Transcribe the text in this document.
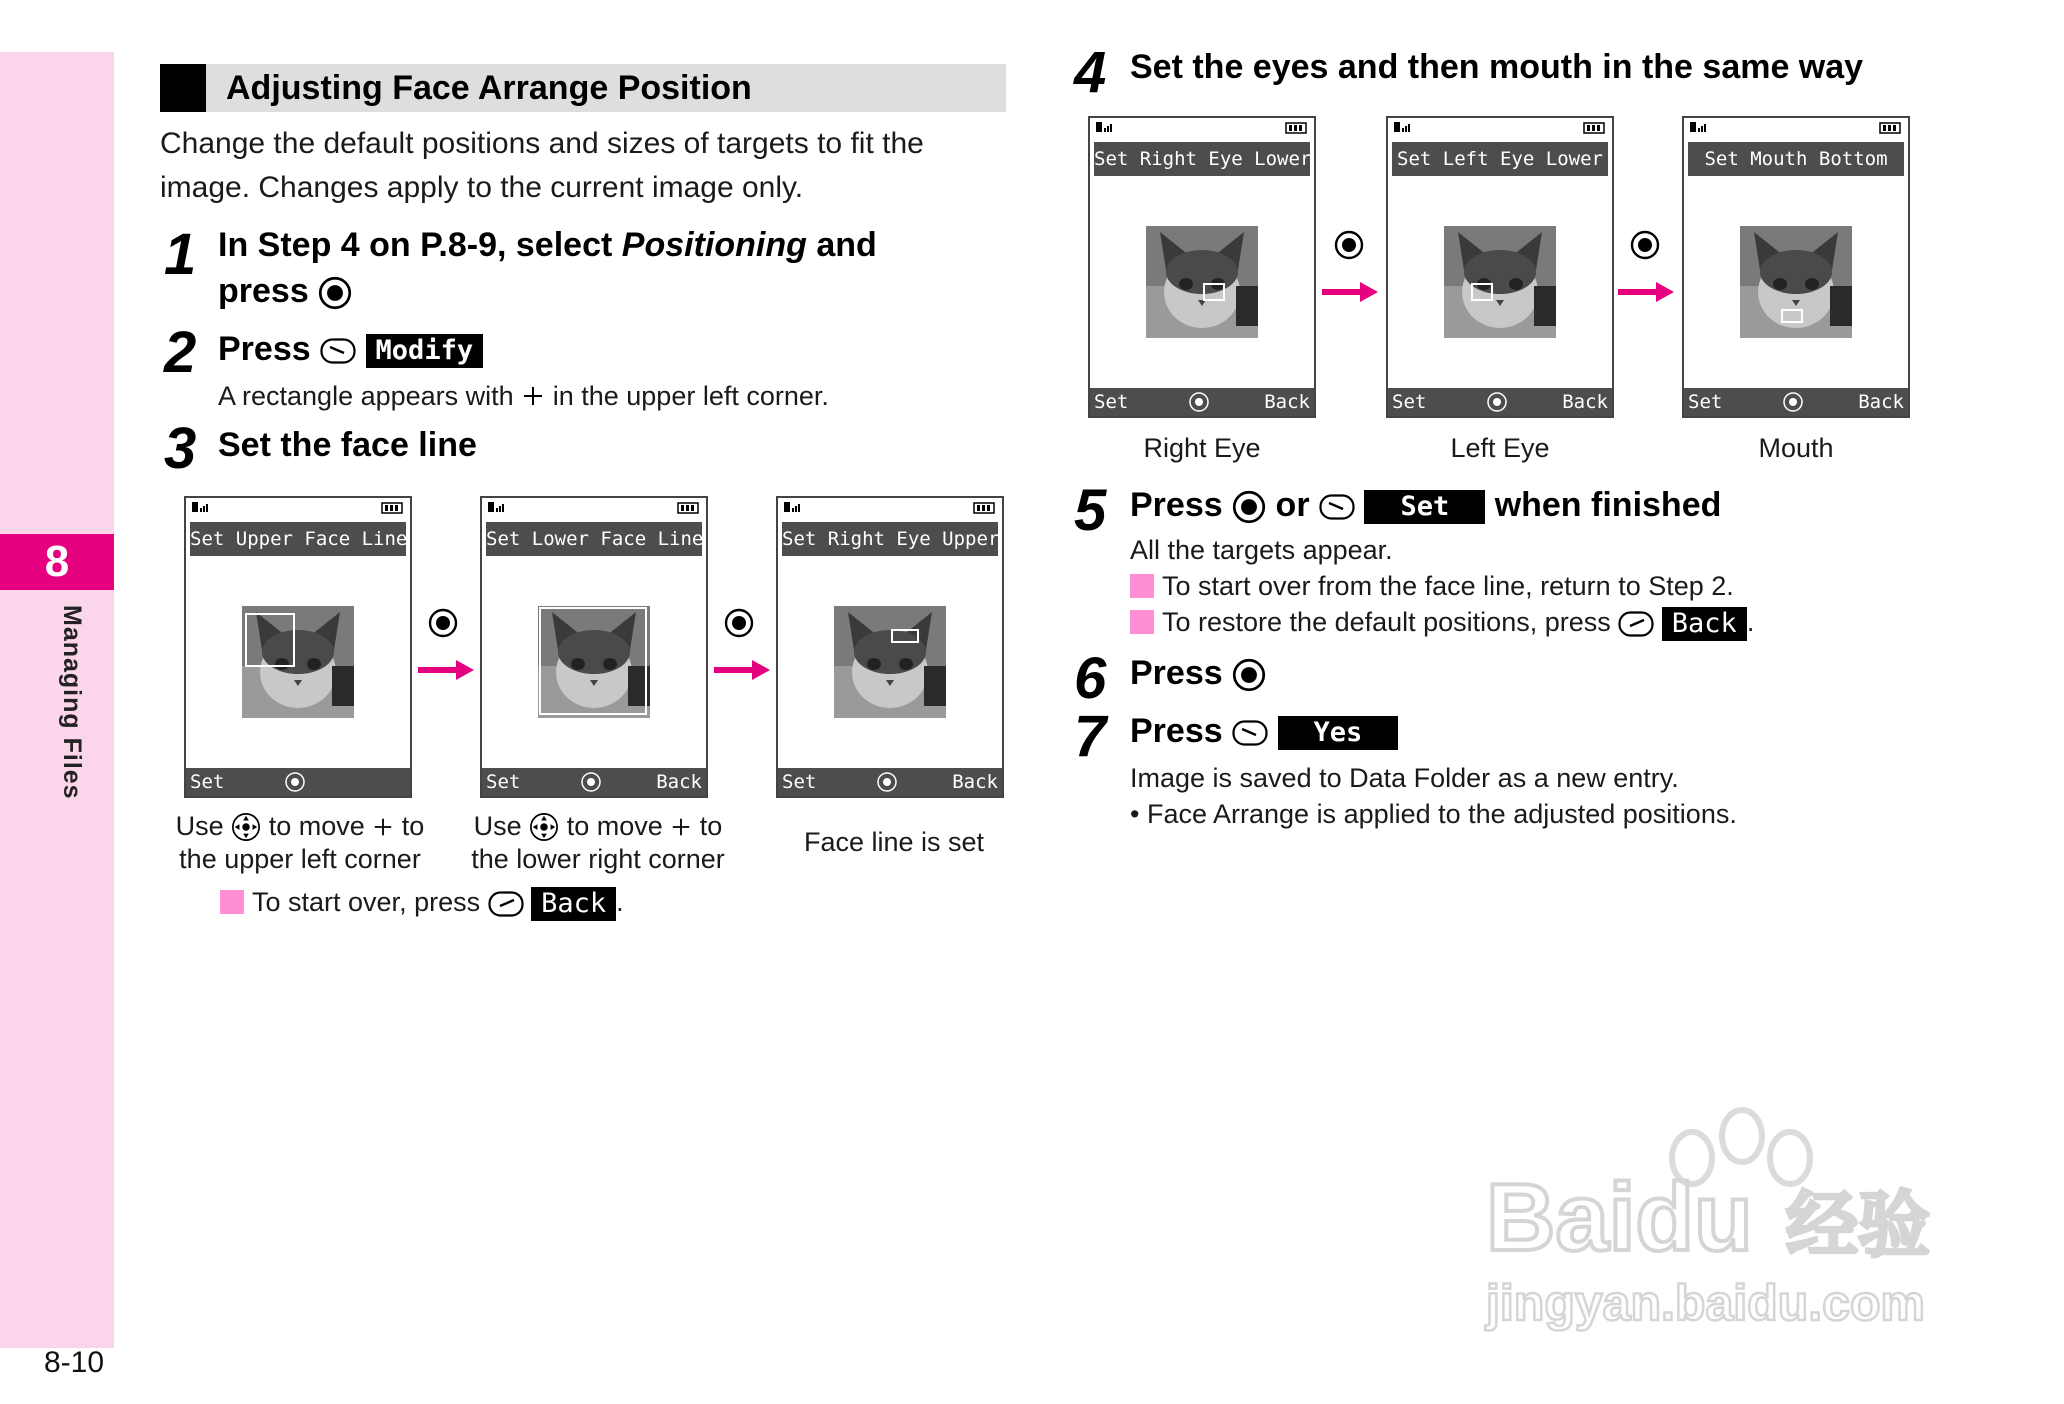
8
Managing Files
8-10
Adjusting Face Arrange Position
Change the default positions and sizes of targets to fit the image. Changes apply to the current image only.
1 In Step 4 on P.8-9, select Positioning and
press
2 Press Modify
A rectangle appears with in the upper left corner.
3 Set the face line
Set Upper Face Line
Set
Set Lower Face Line
Set	Back
Set Right Eye Upper
Set	Back
Use to move to
the upper left corner
Use to move to
the lower right corner
Face line is set
To start over, press Back .
4 Set the eyes and then mouth in the same way
Set Right Eye Lower
Set	Back
Set Left Eye Lower
Set	Back
Set Mouth Bottom
Set	Back
Right Eye	Left Eye	Mouth
5 Press or	Set when finished
All the targets appear.
To start over from the face line, return to Step 2.
To restore the default positions, press Back .
6 Press
7 Press	Yes
Image is saved to Data Folder as a new entry.
• Face Arrange is applied to the adjusted positions.
Baidu 经验
jingyan.baidu.com
